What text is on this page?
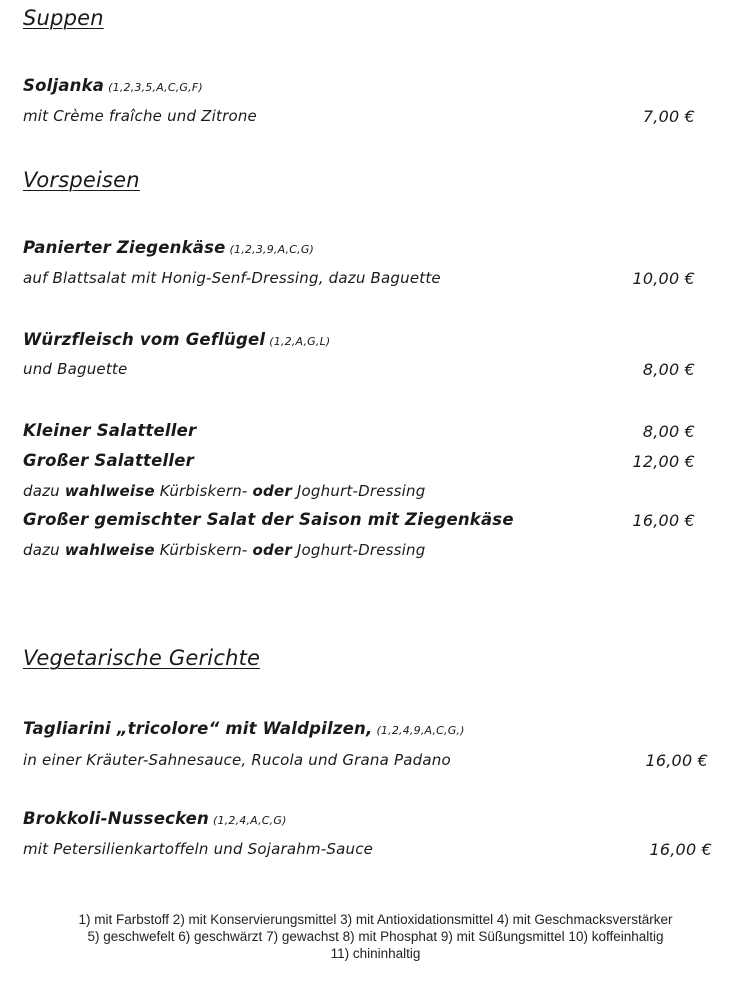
Suppen
Soljanka (1,2,3,5,A,C,G,F)
mit Crème fraîche und Zitrone	7,00 €
Vorspeisen
Panierter Ziegenkäse (1,2,3,9,A,C,G)
auf Blattsalat mit Honig-Senf-Dressing, dazu Baguette	10,00 €
Würzfleisch vom Geflügel (1,2,A,G,L)
und Baguette	8,00 €
Kleiner Salatteller	8,00 €
Großer Salatteller	12,00 €
dazu wahlweise Kürbiskern- oder Joghurt-Dressing
Großer gemischter Salat der Saison mit Ziegenkäse	16,00 €
dazu wahlweise Kürbiskern- oder Joghurt-Dressing
Vegetarische Gerichte
Tagliarini „tricolore“ mit Waldpilzen, (1,2,4,9,A,C,G,)
in einer Kräuter-Sahnesauce, Rucola und Grana Padano	16,00 €
Brokkoli-Nussecken (1,2,4,A,C,G)
mit Petersilienkartoffeln und Sojarahm-Sauce	16,00 €
1) mit Farbstoff 2) mit Konservierungsmittel 3) mit Antioxidationsmittel 4) mit Geschmacksverstärker
5) geschwefelt 6) geschwärzt 7) gewachst 8) mit Phosphat 9) mit Süßungsmittel 10) koffeinhaltig
11) chininhaltig
